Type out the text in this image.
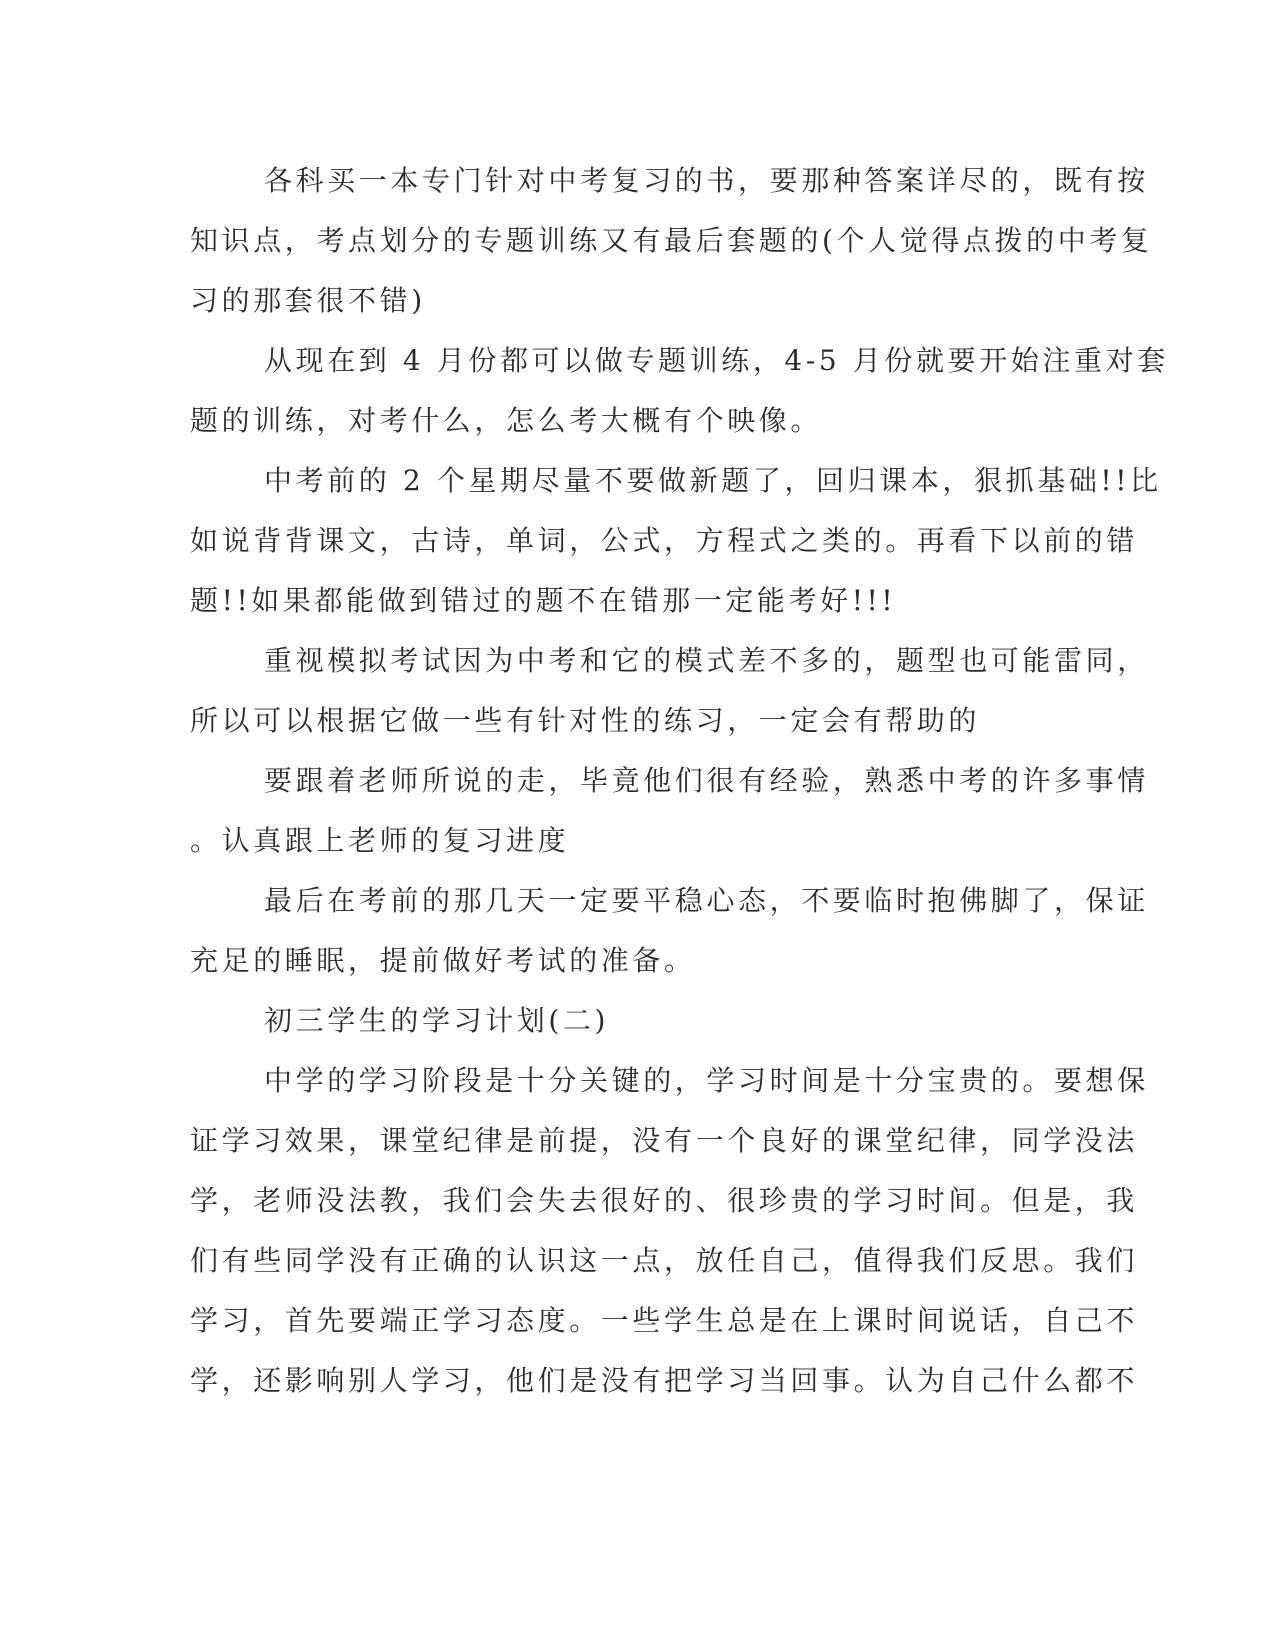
各科买一本专门针对中考复习的书，要那种答案详尽的，既有按

知识点，考点划分的专题训练又有最后套题的(个人觉得点拨的中考复

习的那套很不错)

从现在到 4 月份都可以做专题训练，4-5 月份就要开始注重对套

题的训练，对考什么，怎么考大概有个映像。

中考前的 2 个星期尽量不要做新题了，回归课本，狠抓基础!!比

如说背背课文，古诗，单词，公式，方程式之类的。再看下以前的错

题!!如果都能做到错过的题不在错那一定能考好!!!

重视模拟考试因为中考和它的模式差不多的，题型也可能雷同，

所以可以根据它做一些有针对性的练习，一定会有帮助的

要跟着老师所说的走，毕竟他们很有经验，熟悉中考的许多事情

。认真跟上老师的复习进度

最后在考前的那几天一定要平稳心态，不要临时抱佛脚了，保证

充足的睡眠，提前做好考试的准备。

初三学生的学习计划(二)

中学的学习阶段是十分关键的，学习时间是十分宝贵的。要想保

证学习效果，课堂纪律是前提，没有一个良好的课堂纪律，同学没法

学，老师没法教，我们会失去很好的、很珍贵的学习时间。但是，我

们有些同学没有正确的认识这一点，放任自己，值得我们反思。我们

学习，首先要端正学习态度。一些学生总是在上课时间说话，自己不

学，还影响别人学习，他们是没有把学习当回事。认为自己什么都不
